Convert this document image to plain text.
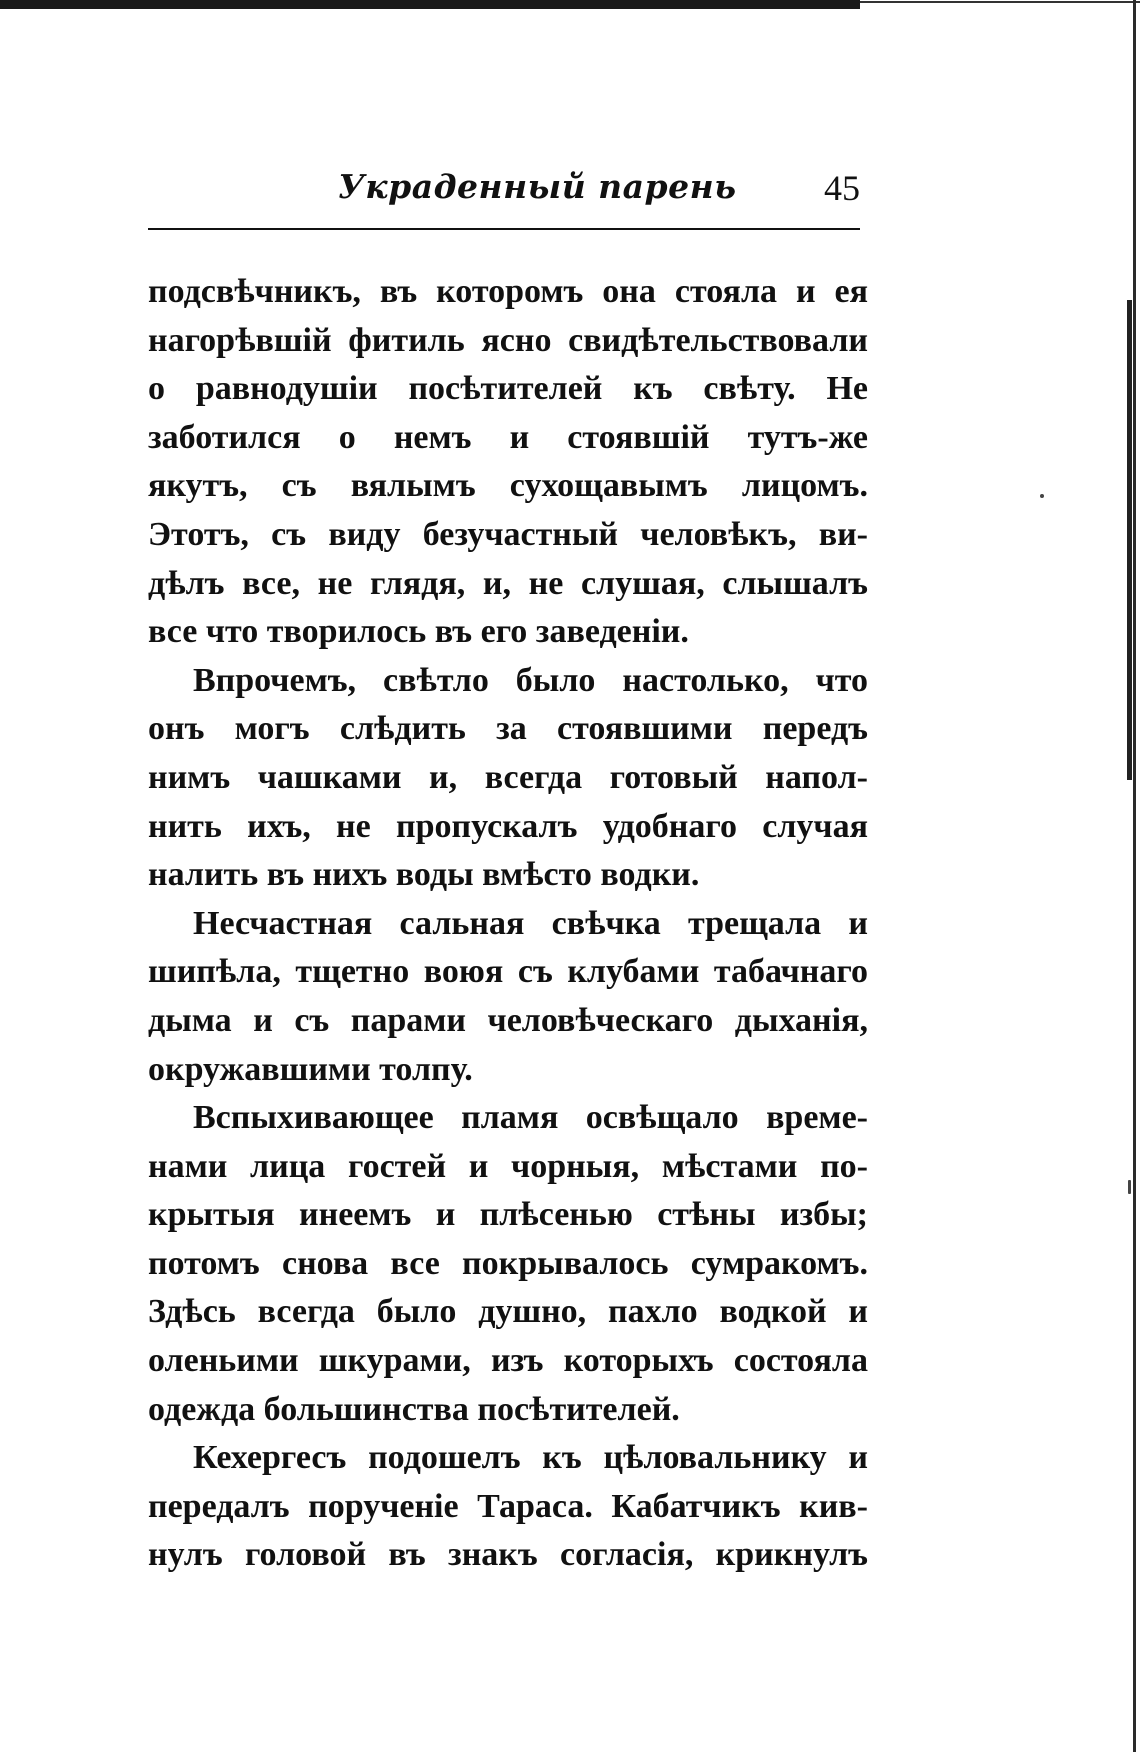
Украденный парень 45
подсвѣчникъ, въ которомъ она стояла и ея
нагорѣвшій фитиль ясно свидѣтельствовали
о равнодушіи посѣтителей къ свѣту. Не
заботился о немъ и стоявшій тутъ-же
якутъ, съ вялымъ сухощавымъ лицомъ.
Этотъ, съ виду безучастный человѣкъ, ви-
дѣлъ все, не глядя, и, не слушая, слышалъ
все что творилось въ его заведеніи.
Впрочемъ, свѣтло было настолько, что
онъ могъ слѣдить за стоявшими передъ
нимъ чашками и, всегда готовый напол-
нить ихъ, не пропускалъ удобнаго случая
налить въ нихъ воды вмѣсто водки.
Несчастная сальная свѣчка трещала и
шипѣла, тщетно воюя съ клубами табачнаго
дыма и съ парами человѣческаго дыханія,
окружавшими толпу.
Вспыхивающее пламя освѣщало време-
нами лица гостей и чорныя, мѣстами по-
крытыя инеемъ и плѣсенью стѣны избы;
потомъ снова все покрывалось сумракомъ.
Здѣсь всегда было душно, пахло водкой и
оленьими шкурами, изъ которыхъ состояла
одежда большинства посѣтителей.
Кехергесъ подошелъ къ цѣловальнику и
передалъ порученіе Тараса. Кабатчикъ кив-
нулъ головой въ знакъ согласія, крикнулъ
